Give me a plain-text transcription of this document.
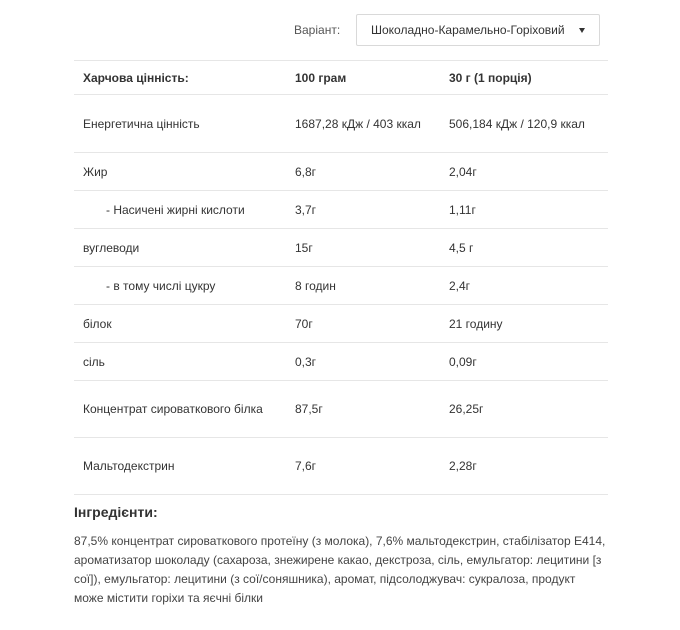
Варіант:	Шоколадно-Карамельно-Горіховий
Харчова цінність:	100 грам	30 г (1 порція)
Енергетична цінність	1687,28 кДж / 403 ккал	506,184 кДж / 120,9 ккал
Жир	6,8г	2,04г
- Насичені жирні кислоти	3,7г	1,11г
вуглеводи	15г	4,5 г
- в тому числі цукру	8 годин	2,4г
білок	70г	21 годину
сіль	0,3г	0,09г
Концентрат сироваткового білка	87,5г	26,25г
Мальтодекстрин	7,6г	2,28г
Інгредієнти:

87,5% концентрат сироваткового протеїну (з молока), 7,6% мальтодекстрин, стабілізатор E414, ароматизатор шоколаду (сахароза, знежирене какао, декстроза, сіль, емульгатор: лецитини [з сої]), емульгатор: лецитини (з сої/соняшника), аромат, підсолоджувач: сукралоза, продукт може містити горіхи та яєчні білки
